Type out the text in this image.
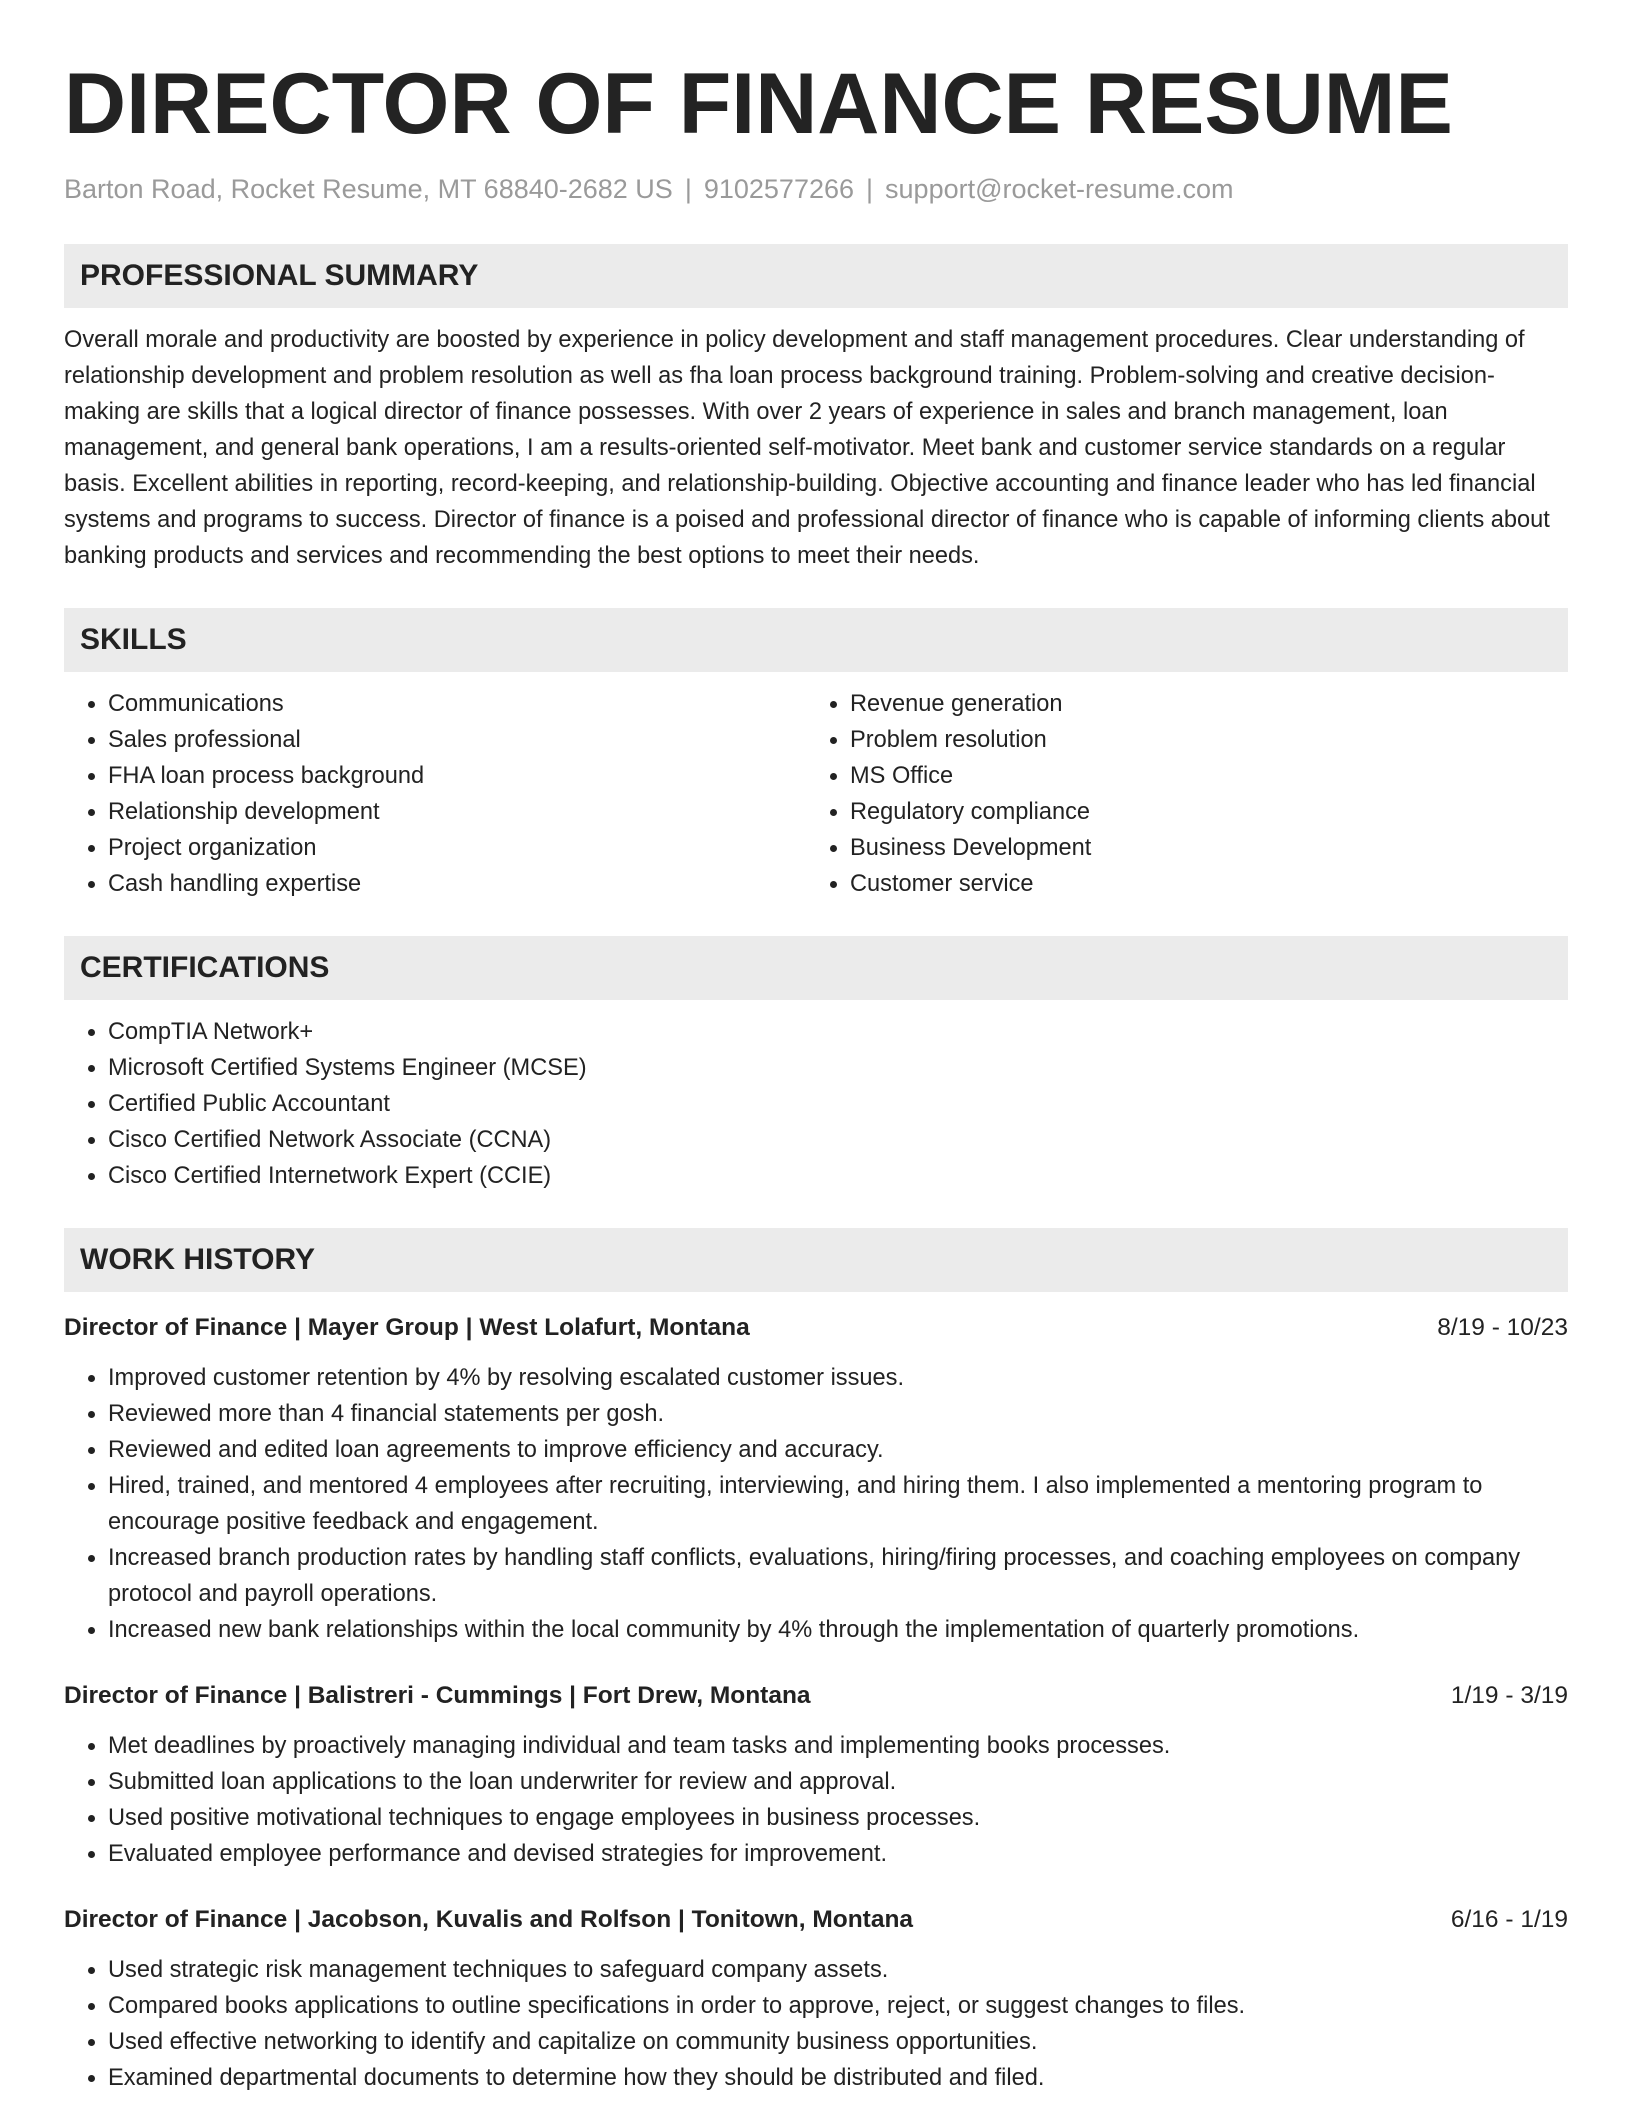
DIRECTOR OF FINANCE RESUME
Barton Road, Rocket Resume, MT 68840-2682 US | 9102577266 | support@rocket-resume.com
PROFESSIONAL SUMMARY

Overall morale and productivity are boosted by experience in policy development and staff management procedures. Clear understanding of relationship development and problem resolution as well as fha loan process background training. Problem-solving and creative decision-making are skills that a logical director of finance possesses. With over 2 years of experience in sales and branch management, loan management, and general bank operations, I am a results-oriented self-motivator. Meet bank and customer service standards on a regular basis. Excellent abilities in reporting, record-keeping, and relationship-building. Objective accounting and finance leader who has led financial systems and programs to success. Director of finance is a poised and professional director of finance who is capable of informing clients about banking products and services and recommending the best options to meet their needs.

SKILLS
• Communications
• Sales professional
• FHA loan process background
• Relationship development
• Project organization
• Cash handling expertise
• Revenue generation
• Problem resolution
• MS Office
• Regulatory compliance
• Business Development
• Customer service
CERTIFICATIONS
• CompTIA Network+
• Microsoft Certified Systems Engineer (MCSE)
• Certified Public Accountant
• Cisco Certified Network Associate (CCNA)
• Cisco Certified Internetwork Expert (CCIE)
WORK HISTORY
Director of Finance | Mayer Group | West Lolafurt, Montana	8/19 - 10/23
• Improved customer retention by 4% by resolving escalated customer issues.
• Reviewed more than 4 financial statements per gosh.
• Reviewed and edited loan agreements to improve efficiency and accuracy.
• Hired, trained, and mentored 4 employees after recruiting, interviewing, and hiring them. I also implemented a mentoring program to encourage positive feedback and engagement.
• Increased branch production rates by handling staff conflicts, evaluations, hiring/firing processes, and coaching employees on company protocol and payroll operations.
• Increased new bank relationships within the local community by 4% through the implementation of quarterly promotions.
Director of Finance | Balistreri - Cummings | Fort Drew, Montana	1/19 - 3/19
• Met deadlines by proactively managing individual and team tasks and implementing books processes.
• Submitted loan applications to the loan underwriter for review and approval.
• Used positive motivational techniques to engage employees in business processes.
• Evaluated employee performance and devised strategies for improvement.
Director of Finance | Jacobson, Kuvalis and Rolfson | Tonitown, Montana	6/16 - 1/19
• Used strategic risk management techniques to safeguard company assets.
• Compared books applications to outline specifications in order to approve, reject, or suggest changes to files.
• Used effective networking to identify and capitalize on community business opportunities.
• Examined departmental documents to determine how they should be distributed and filed.
